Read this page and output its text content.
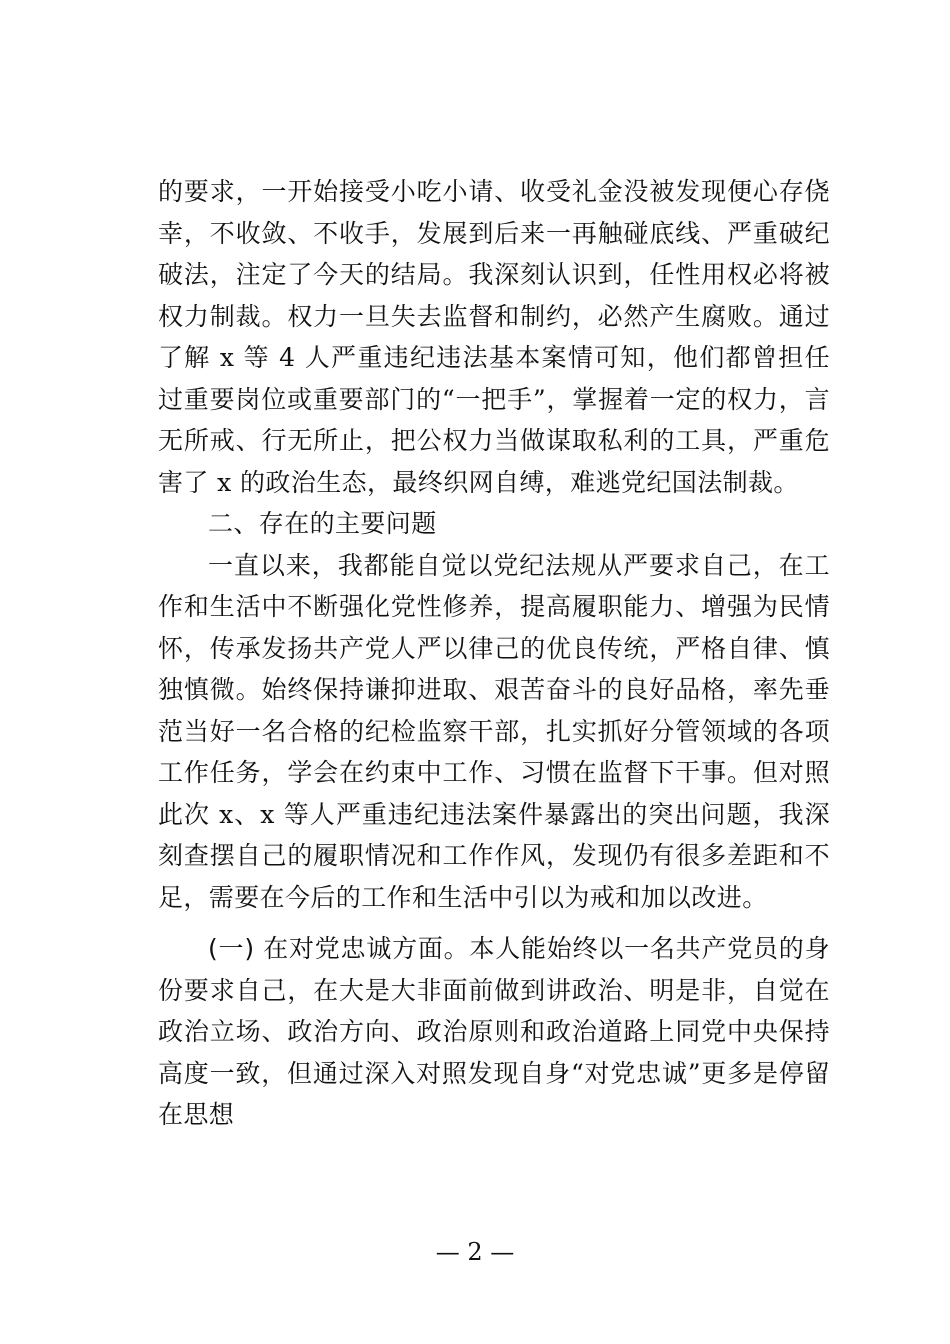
的要求，一开始接受小吃小请、收受礼金没被发现便心存侥幸，不收敛、不收手，发展到后来一再触碰底线、严重破纪破法，注定了今天的结局。我深刻认识到，任性用权必将被权力制裁。权力一旦失去监督和制约，必然产生腐败。通过了解 x 等 4 人严重违纪违法基本案情可知，他们都曾担任过重要岗位或重要部门的“一把手”，掌握着一定的权力，言无所戒、行无所止，把公权力当做谋取私利的工具，严重危害了 x 的政治生态，最终织网自缚，难逃党纪国法制裁。

二、存在的主要问题

一直以来，我都能自觉以党纪法规从严要求自己，在工作和生活中不断强化党性修养，提高履职能力、增强为民情怀，传承发扬共产党人严以律己的优良传统，严格自律、慎独慎微。始终保持谦抑进取、艰苦奋斗的良好品格，率先垂范当好一名合格的纪检监察干部，扎实抓好分管领域的各项工作任务，学会在约束中工作、习惯在监督下干事。但对照此次 x、x 等人严重违纪违法案件暴露出的突出问题，我深刻查摆自己的履职情况和工作作风，发现仍有很多差距和不足，需要在今后的工作和生活中引以为戒和加以改进。

(一) 在对党忠诚方面。本人能始终以一名共产党员的身份要求自己，在大是大非面前做到讲政治、明是非，自觉在政治立场、政治方向、政治原则和政治道路上同党中央保持高度一致，但通过深入对照发现自身“对党忠诚”更多是停留在思想

— 2 —
